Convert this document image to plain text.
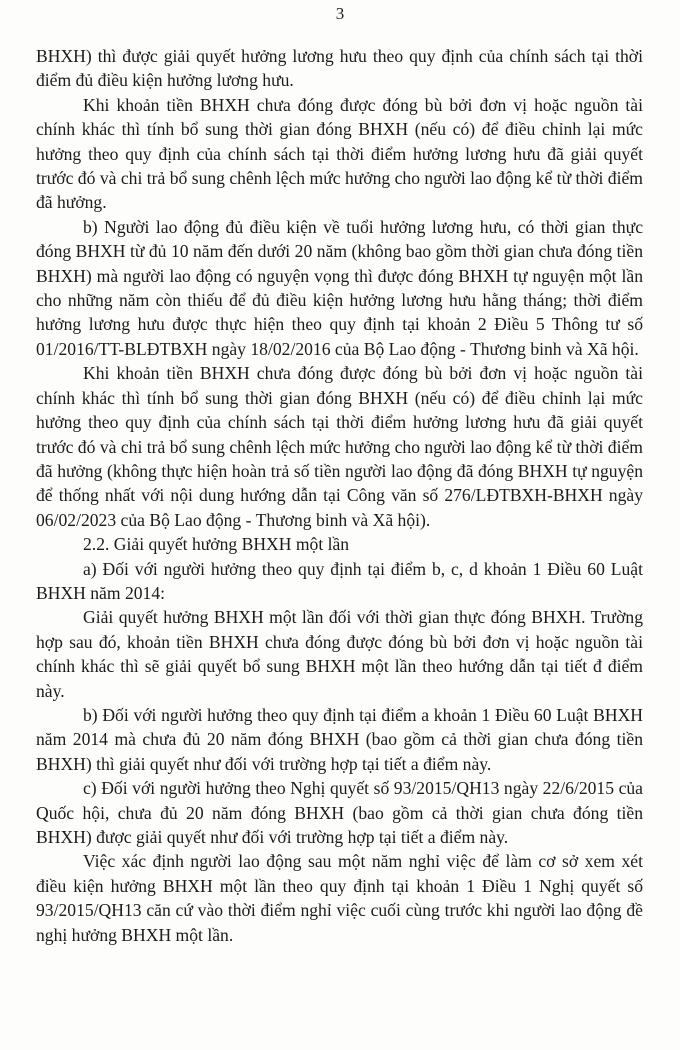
3

BHXH) thì được giải quyết hưởng lương hưu theo quy định của chính sách tại thời điểm đủ điều kiện hưởng lương hưu.

Khi khoản tiền BHXH chưa đóng được đóng bù bởi đơn vị hoặc nguồn tài chính khác thì tính bổ sung thời gian đóng BHXH (nếu có) để điều chỉnh lại mức hưởng theo quy định của chính sách tại thời điểm hưởng lương hưu đã giải quyết trước đó và chi trả bổ sung chênh lệch mức hưởng cho người lao động kể từ thời điểm đã hưởng.

b) Người lao động đủ điều kiện về tuổi hưởng lương hưu, có thời gian thực đóng BHXH từ đủ 10 năm đến dưới 20 năm (không bao gồm thời gian chưa đóng tiền BHXH) mà người lao động có nguyện vọng thì được đóng BHXH tự nguyện một lần cho những năm còn thiếu để đủ điều kiện hưởng lương hưu hằng tháng; thời điểm hưởng lương hưu được thực hiện theo quy định tại khoản 2 Điều 5 Thông tư số 01/2016/TT-BLĐTBXH ngày 18/02/2016 của Bộ Lao động - Thương binh và Xã hội.

Khi khoản tiền BHXH chưa đóng được đóng bù bởi đơn vị hoặc nguồn tài chính khác thì tính bổ sung thời gian đóng BHXH (nếu có) để điều chỉnh lại mức hưởng theo quy định của chính sách tại thời điểm hưởng lương hưu đã giải quyết trước đó và chi trả bổ sung chênh lệch mức hưởng cho người lao động kể từ thời điểm đã hưởng (không thực hiện hoàn trả số tiền người lao động đã đóng BHXH tự nguyện để thống nhất với nội dung hướng dẫn tại Công văn số 276/LĐTBXH-BHXH ngày 06/02/2023 của Bộ Lao động - Thương binh và Xã hội).

2.2. Giải quyết hưởng BHXH một lần

a) Đối với người hưởng theo quy định tại điểm b, c, d khoản 1 Điều 60 Luật BHXH năm 2014:

Giải quyết hưởng BHXH một lần đối với thời gian thực đóng BHXH. Trường hợp sau đó, khoản tiền BHXH chưa đóng được đóng bù bởi đơn vị hoặc nguồn tài chính khác thì sẽ giải quyết bổ sung BHXH một lần theo hướng dẫn tại tiết đ điểm này.

b) Đối với người hưởng theo quy định tại điểm a khoản 1 Điều 60 Luật BHXH năm 2014 mà chưa đủ 20 năm đóng BHXH (bao gồm cả thời gian chưa đóng tiền BHXH) thì giải quyết như đối với trường hợp tại tiết a điểm này.

c) Đối với người hưởng theo Nghị quyết số 93/2015/QH13 ngày 22/6/2015 của Quốc hội, chưa đủ 20 năm đóng BHXH (bao gồm cả thời gian chưa đóng tiền BHXH) được giải quyết như đối với trường hợp tại tiết a điểm này.

Việc xác định người lao động sau một năm nghỉ việc để làm cơ sở xem xét điều kiện hưởng BHXH một lần theo quy định tại khoản 1 Điều 1 Nghị quyết số 93/2015/QH13 căn cứ vào thời điểm nghỉ việc cuối cùng trước khi người lao động đề nghị hưởng BHXH một lần.
